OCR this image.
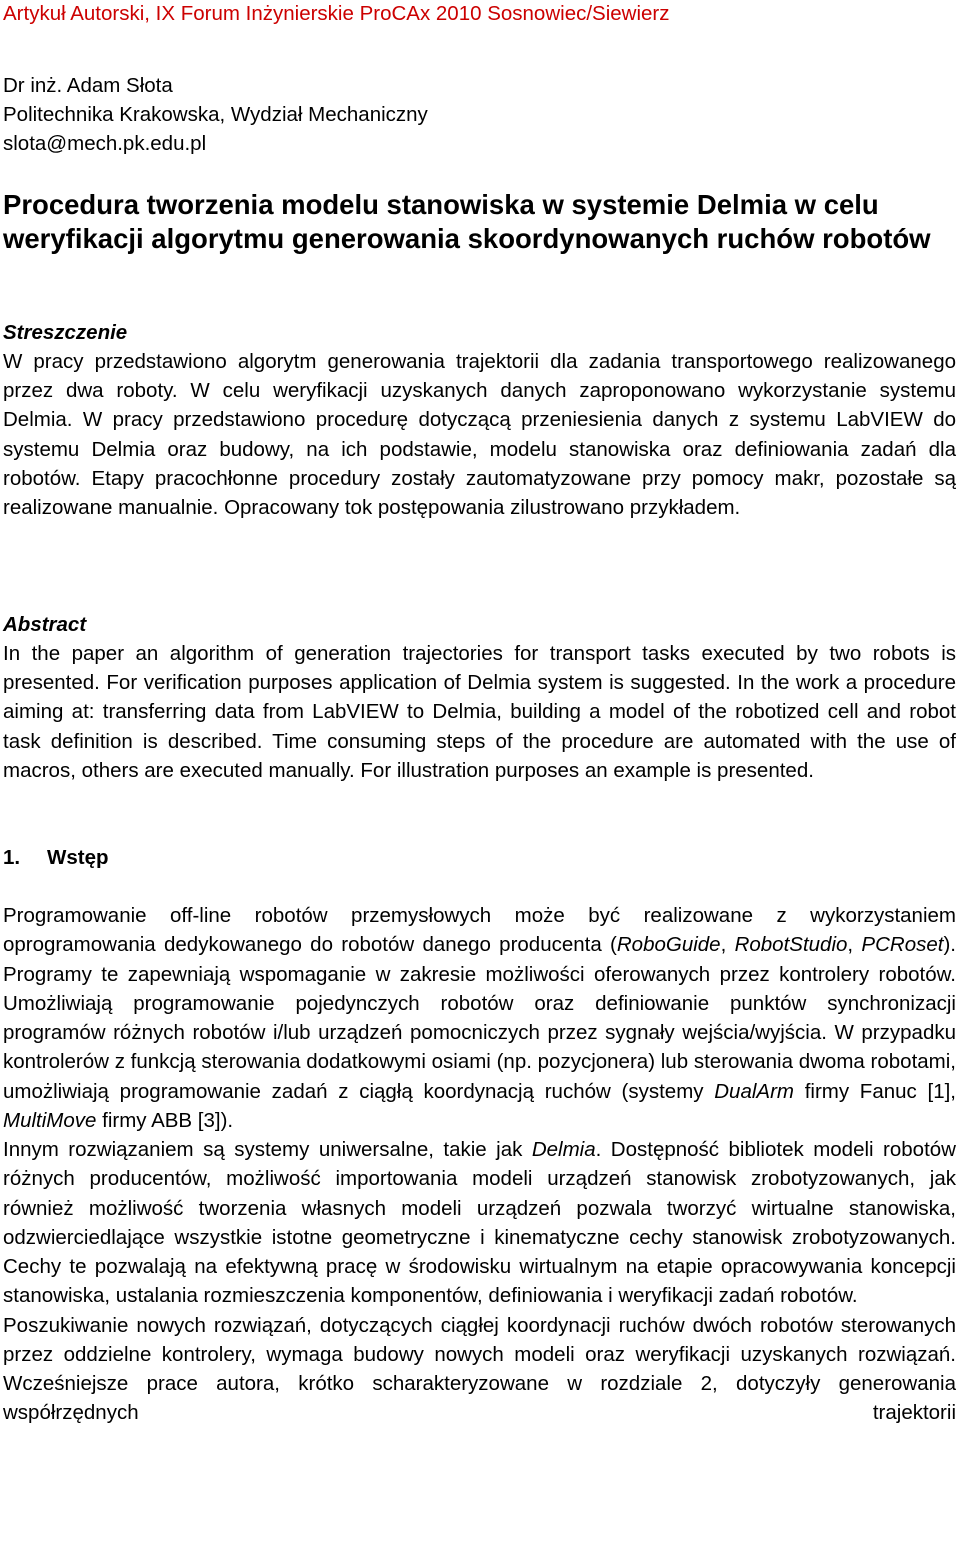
Artykuł Autorski, IX Forum Inżynierskie ProCAx 2010 Sosnowiec/Siewierz
Dr inż. Adam Słota
Politechnika Krakowska, Wydział Mechaniczny
slota@mech.pk.edu.pl
Procedura tworzenia modelu stanowiska w systemie Delmia w celu weryfikacji algorytmu generowania skoordynowanych ruchów robotów
Streszczenie

W pracy przedstawiono algorytm generowania trajektorii dla zadania transportowego realizowanego przez dwa roboty. W celu weryfikacji uzyskanych danych zaproponowano wykorzystanie systemu Delmia. W pracy przedstawiono procedurę dotyczącą przeniesienia danych z systemu LabVIEW do systemu Delmia oraz budowy, na ich podstawie, modelu stanowiska oraz definiowania zadań dla robotów. Etapy pracochłonne procedury zostały zautomatyzowane przy pomocy makr, pozostałe są realizowane manualnie. Opracowany tok postępowania zilustrowano przykładem.

Abstract

In the paper an algorithm of generation trajectories for transport tasks executed by two robots is presented. For verification purposes application of Delmia system is suggested. In the work a procedure aiming at: transferring data from LabVIEW to Delmia, building a model of the robotized cell and robot task definition is described. Time consuming steps of the procedure are automated with the use of macros, others are executed manually. For illustration purposes an example is presented.

1. Wstęp

Programowanie off-line robotów przemysłowych może być realizowane z wykorzystaniem oprogramowania dedykowanego do robotów danego producenta (RoboGuide, RobotStudio, PCRoset). Programy te zapewniają wspomaganie w zakresie możliwości oferowanych przez kontrolery robotów. Umożliwiają programowanie pojedynczych robotów oraz definiowanie punktów synchronizacji programów różnych robotów i/lub urządzeń pomocniczych przez sygnały wejścia/wyjścia. W przypadku kontrolerów z funkcją sterowania dodatkowymi osiami (np. pozycjonera) lub sterowania dwoma robotami, umożliwiają programowanie zadań z ciągłą koordynacją ruchów (systemy DualArm firmy Fanuc [1], MultiMove firmy ABB [3]).

Innym rozwiązaniem są systemy uniwersalne, takie jak Delmia. Dostępność bibliotek modeli robotów różnych producentów, możliwość importowania modeli urządzeń stanowisk zrobotyzowanych, jak również możliwość tworzenia własnych modeli urządzeń pozwala tworzyć wirtualne stanowiska, odzwierciedlające wszystkie istotne geometryczne i kinematyczne cechy stanowisk zrobotyzowanych. Cechy te pozwalają na efektywną pracę w środowisku wirtualnym na etapie opracowywania koncepcji stanowiska, ustalania rozmieszczenia komponentów, definiowania i weryfikacji zadań robotów.

Poszukiwanie nowych rozwiązań, dotyczących ciągłej koordynacji ruchów dwóch robotów sterowanych przez oddzielne kontrolery, wymaga budowy nowych modeli oraz weryfikacji uzyskanych rozwiązań. Wcześniejsze prace autora, krótko scharakteryzowane w rozdziale 2, dotyczyły generowania współrzędnych trajektorii
